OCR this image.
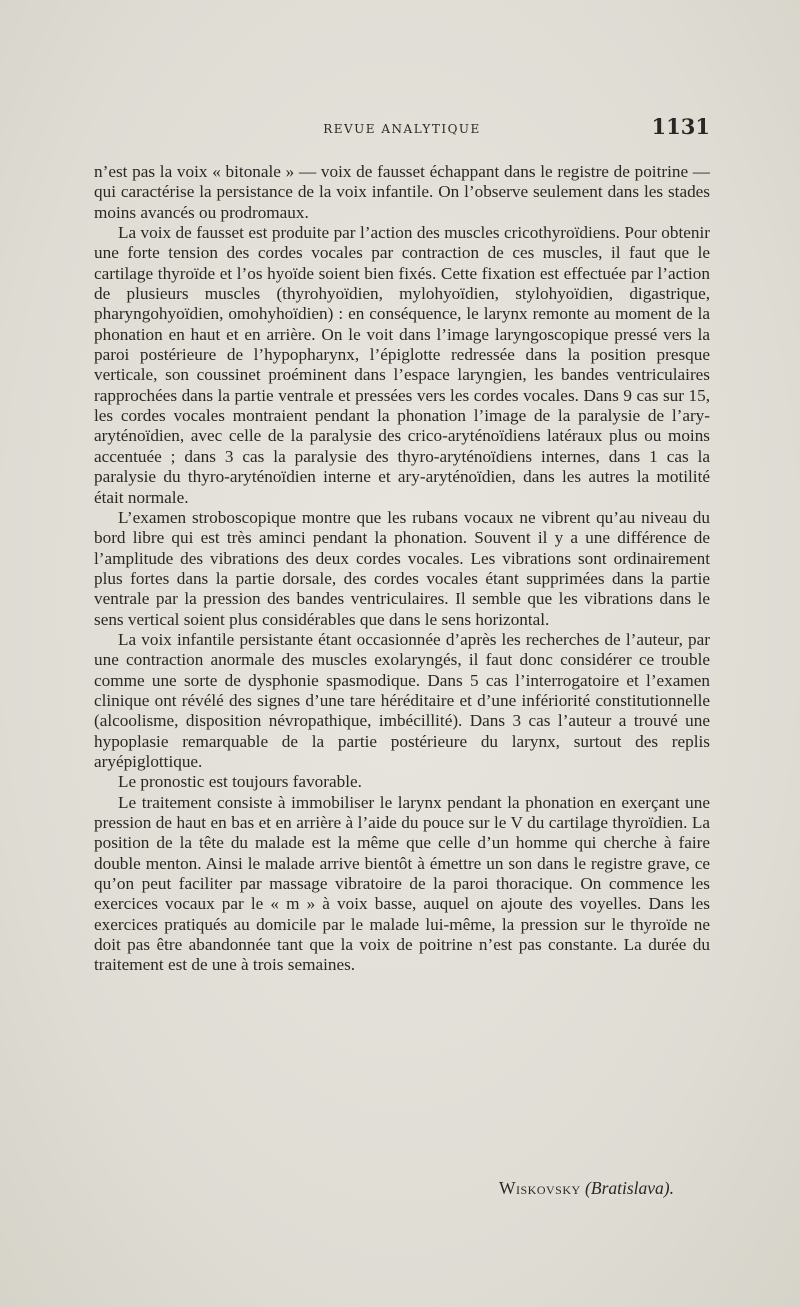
REVUE ANALYTIQUE	1131

n’est pas la voix « bitonale » — voix de fausset échappant dans le registre de poitrine — qui caractérise la persistance de la voix infantile. On l’observe seulement dans les stades moins avancés ou prodromaux.

La voix de fausset est produite par l’action des muscles cricothyroïdiens. Pour obtenir une forte tension des cordes vocales par contraction de ces muscles, il faut que le cartilage thyroïde et l’os hyoïde soient bien fixés. Cette fixation est effectuée par l’action de plusieurs muscles (thyrohyoïdien, mylohyoïdien, stylohyoïdien, digastrique, pharyngohyoïdien, omohyhoïdien) : en conséquence, le larynx remonte au moment de la phonation en haut et en arrière. On le voit dans l’image laryngoscopique pressé vers la paroi postérieure de l’hypopharynx, l’épiglotte redressée dans la position presque verticale, son coussinet proéminent dans l’espace laryngien, les bandes ventriculaires rapprochées dans la partie ventrale et pressées vers les cordes vocales. Dans 9 cas sur 15, les cordes vocales montraient pendant la phonation l’image de la paralysie de l’ary-aryténoïdien, avec celle de la paralysie des crico-aryténoïdiens latéraux plus ou moins accentuée ; dans 3 cas la paralysie des thyro-aryténoïdiens internes, dans 1 cas la paralysie du thyro-aryténoïdien interne et ary-aryténoïdien, dans les autres la motilité était normale.

L’examen stroboscopique montre que les rubans vocaux ne vibrent qu’au niveau du bord libre qui est très aminci pendant la phonation. Souvent il y a une différence de l’amplitude des vibrations des deux cordes vocales. Les vibrations sont ordinairement plus fortes dans la partie dorsale, des cordes vocales étant supprimées dans la partie ventrale par la pression des bandes ventriculaires. Il semble que les vibrations dans le sens vertical soient plus considérables que dans le sens horizontal.

La voix infantile persistante étant occasionnée d’après les recherches de l’auteur, par une contraction anormale des muscles exolaryngés, il faut donc considérer ce trouble comme une sorte de dysphonie spasmodique. Dans 5 cas l’interrogatoire et l’examen clinique ont révélé des signes d’une tare héréditaire et d’une infériorité constitutionnelle (alcoolisme, disposition névropathique, imbécillité). Dans 3 cas l’auteur a trouvé une hypoplasie remarquable de la partie postérieure du larynx, surtout des replis aryépiglottique.

Le pronostic est toujours favorable.

Le traitement consiste à immobiliser le larynx pendant la phonation en exerçant une pression de haut en bas et en arrière à l’aide du pouce sur le V du cartilage thyroïdien. La position de la tête du malade est la même que celle d’un homme qui cherche à faire double menton. Ainsi le malade arrive bientôt à émettre un son dans le registre grave, ce qu’on peut faciliter par massage vibratoire de la paroi thoracique. On commence les exercices vocaux par le « m » à voix basse, auquel on ajoute des voyelles. Dans les exercices pratiqués au domicile par le malade lui-même, la pression sur le thyroïde ne doit pas être abandonnée tant que la voix de poitrine n’est pas constante. La durée du traitement est de une à trois semaines.

Wiskovsky (Bratislava).
